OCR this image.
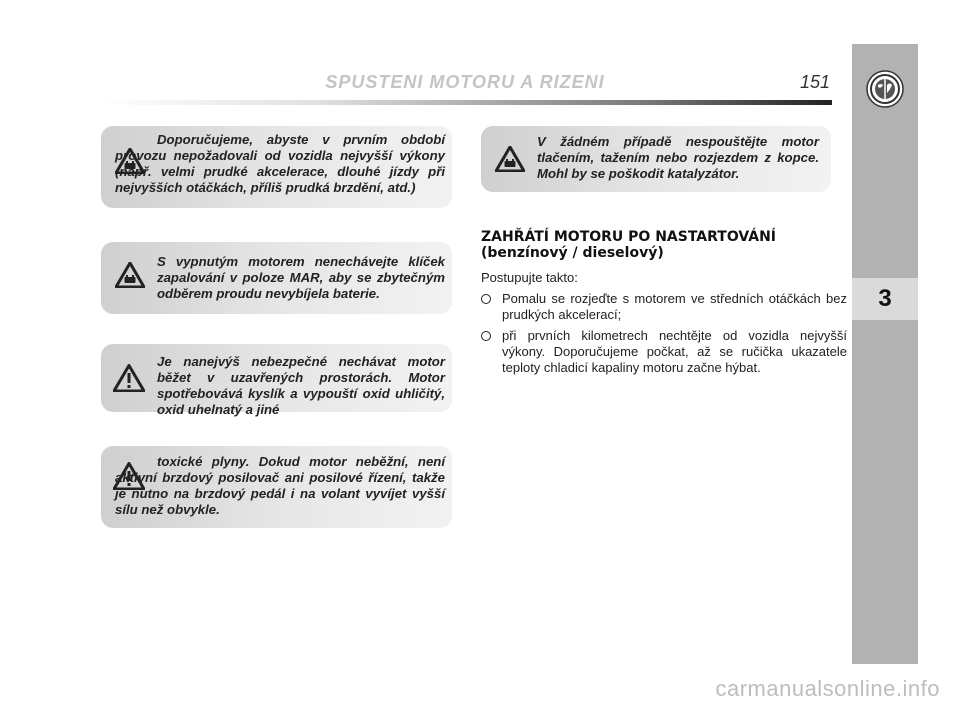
SPUSTENI MOTORU A RIZENI	151
3
Doporučujeme, abyste v prvním období provozu nepožadovali od vozidla nejvyšší výkony (např. velmi prudké akcelerace, dlouhé jízdy při nejvyšších otáčkách, příliš prudká brzdění, atd.)
S vypnutým motorem nenechávejte klíček zapalování v poloze MAR, aby se zbytečným odběrem proudu nevybíjela baterie.
Je nanejvýš nebezpečné nechávat motor běžet v uzavřených prostorách. Motor spotřebovává kyslík a vypouští oxid uhličitý, oxid uhelnatý a jiné
toxické plyny. Dokud motor neběžní, není aktivní brzdový posilovač ani posilové řízení, takže je nutno na brzdový pedál i na volant vyvíjet vyšší sílu než obvykle.
V žádném případě nespouštějte motor tlačením, tažením nebo rozjezdem z kopce. Mohl by se poškodit katalyzátor.
ZAHŘÁTÍ MOTORU PO NASTARTOVÁNÍ
(benzínový / dieselový)
Postupujte takto:
Pomalu se rozjeďte s motorem ve středních otáčkách bez prudkých akcelerací;
při prvních kilometrech nechtějte od vozidla nejvyšší výkony. Doporučujeme počkat, až se ručička ukazatele teploty chladicí kapaliny motoru začne hýbat.
carmanualsonline.info
